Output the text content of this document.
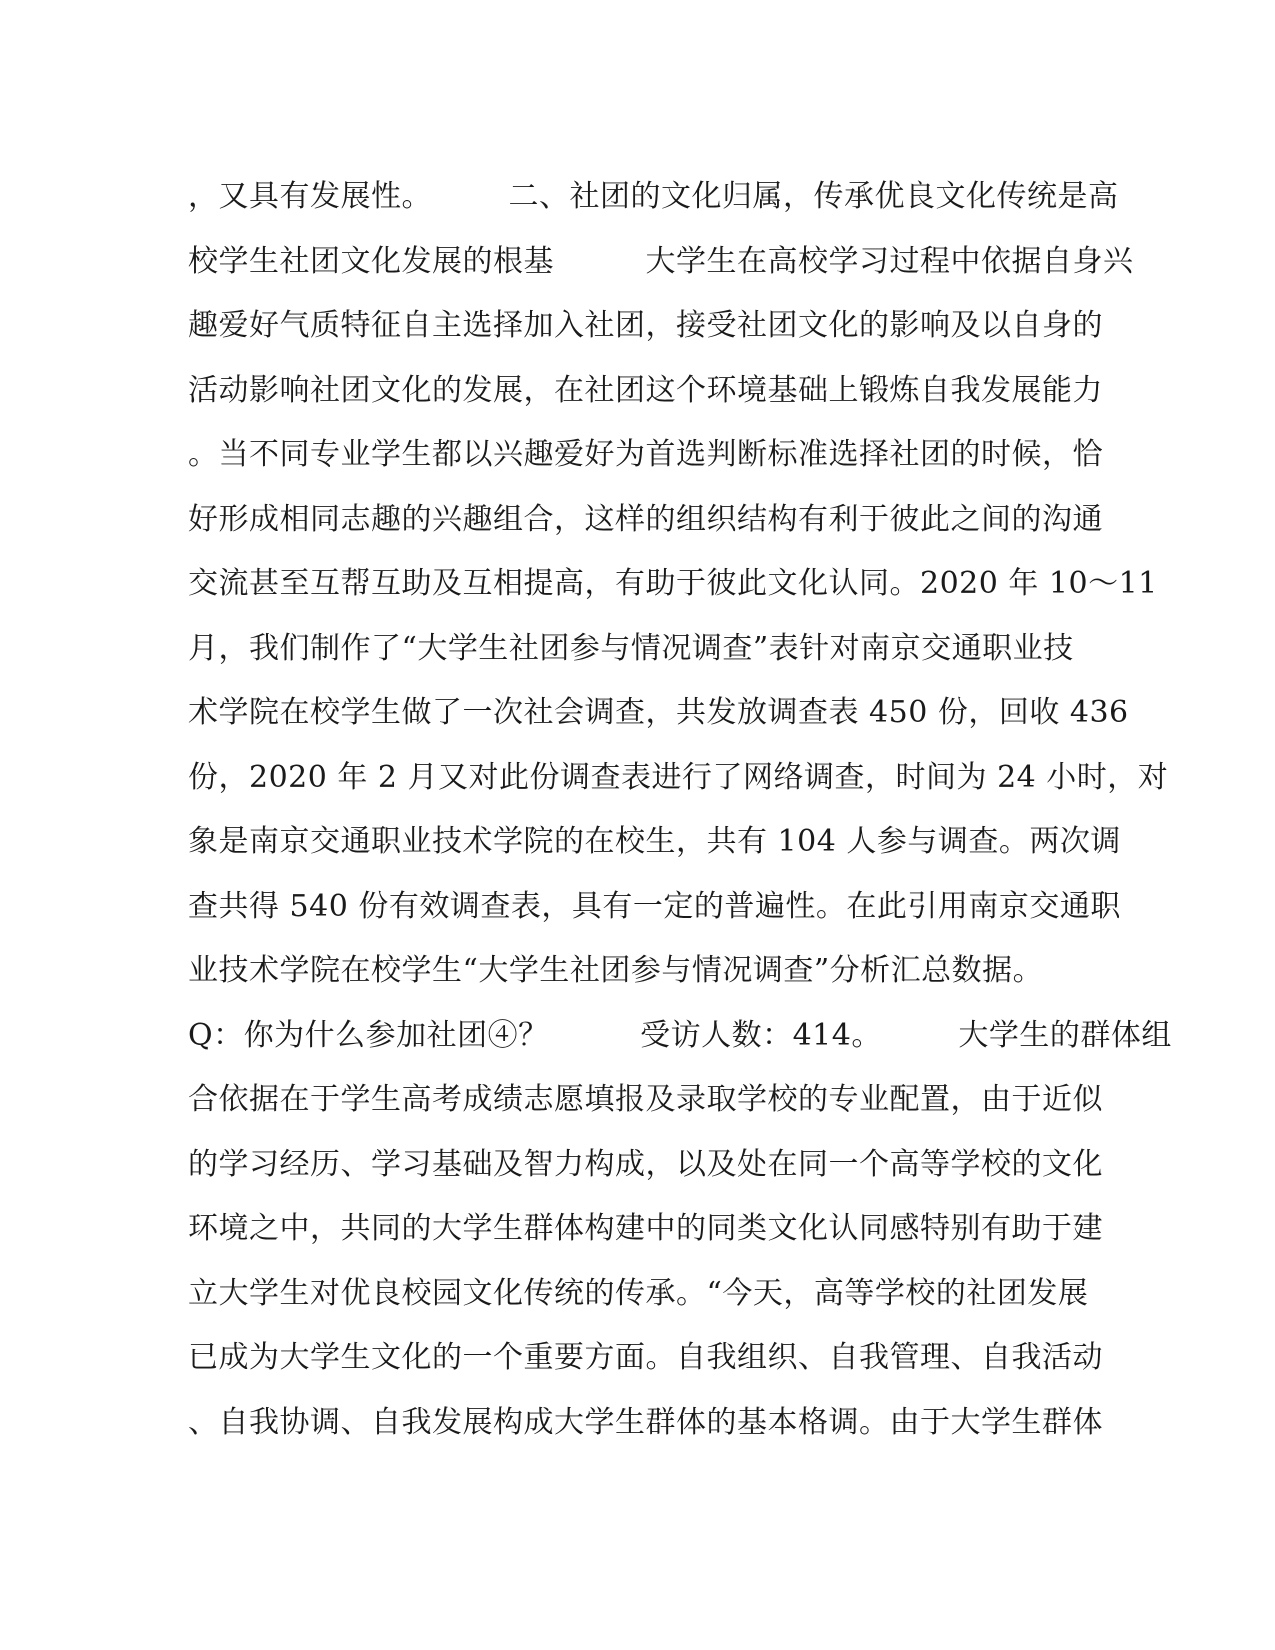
，又具有发展性。　　　二、社团的文化归属，传承优良文化传统是高
校学生社团文化发展的根基　　　大学生在高校学习过程中依据自身兴
趣爱好气质特征自主选择加入社团，接受社团文化的影响及以自身的
活动影响社团文化的发展，在社团这个环境基础上锻炼自我发展能力
。当不同专业学生都以兴趣爱好为首选判断标准选择社团的时候，恰
好形成相同志趣的兴趣组合，这样的组织结构有利于彼此之间的沟通
交流甚至互帮互助及互相提高，有助于彼此文化认同。2020 年 10～11
月，我们制作了“大学生社团参与情况调查”表针对南京交通职业技
术学院在校学生做了一次社会调查，共发放调查表 450 份，回收 436
份，2020 年 2 月又对此份调查表进行了网络调查，时间为 24 小时，对
象是南京交通职业技术学院的在校生，共有 104 人参与调查。两次调
查共得 540 份有效调查表，具有一定的普遍性。在此引用南京交通职
业技术学院在校学生“大学生社团参与情况调查”分析汇总数据。
Q：你为什么参加社团④？　　　受访人数：414。　　　大学生的群体组
合依据在于学生高考成绩志愿填报及录取学校的专业配置，由于近似
的学习经历、学习基础及智力构成，以及处在同一个高等学校的文化
环境之中，共同的大学生群体构建中的同类文化认同感特别有助于建
立大学生对优良校园文化传统的传承。“今天，高等学校的社团发展
已成为大学生文化的一个重要方面。自我组织、自我管理、自我活动
、自我协调、自我发展构成大学生群体的基本格调。由于大学生群体
